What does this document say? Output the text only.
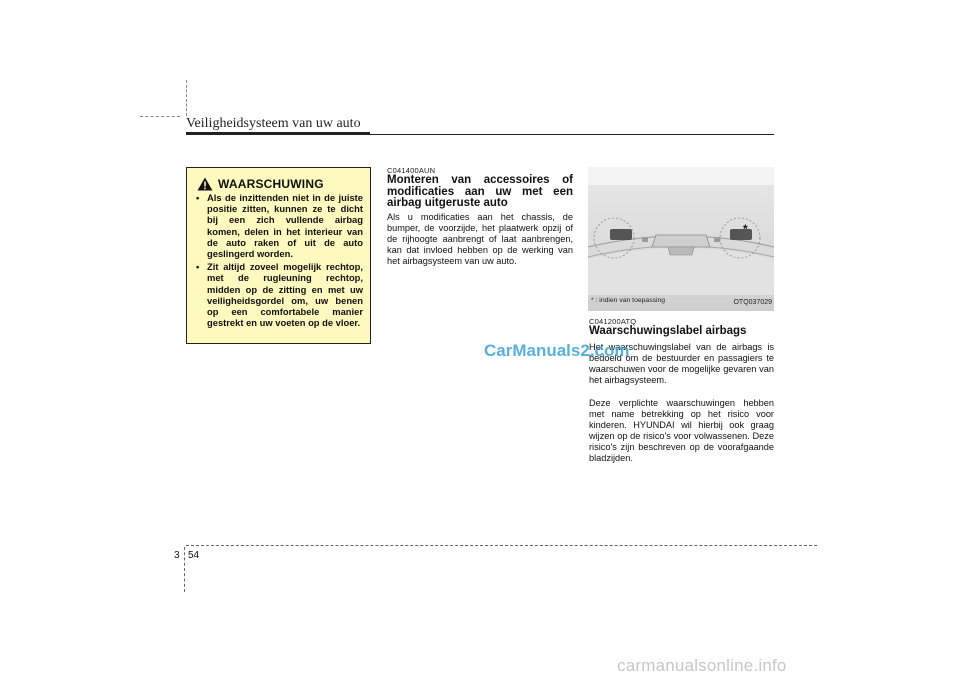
Veiligheidsysteem van uw auto
WAARSCHUWING
• Als de inzittenden niet in de juiste positie zitten, kunnen ze te dicht bij een zich vullende airbag komen, delen in het interieur van de auto raken of uit de auto geslingerd worden.
• Zit altijd zoveel mogelijk rechtop, met de rugleuning rechtop, midden op de zitting en met uw veiligheidsgordel om, uw benen op een comfortabele manier gestrekt en uw voeten op de vloer.
C041400AUN

Monteren van accessoires of modificaties aan uw met een airbag uitgeruste auto

Als u modificaties aan het chassis, de bumper, de voorzijde, het plaatwerk opzij of de rijhoogte aanbrengt of laat aanbrengen, kan dat invloed hebben op de werking van het airbagsysteem van uw auto.

*
* : indien van toepassing	OTQ037029
C041200ATQ

Waarschuwingslabel airbags

Het waarschuwingslabel van de airbags is bedoeld om de bestuurder en passagiers te waarschuwen voor de mogelijke gevaren van het airbagsysteem.

Deze verplichte waarschuwingen hebben met name betrekking op het risico voor kinderen. HYUNDAI wil hierbij ook graag wijzen op de risico's voor volwassenen. Deze risico's zijn beschreven op de voorafgaande bladzijden.

CarManuals2.com
3 54
carmanualsonline.info
